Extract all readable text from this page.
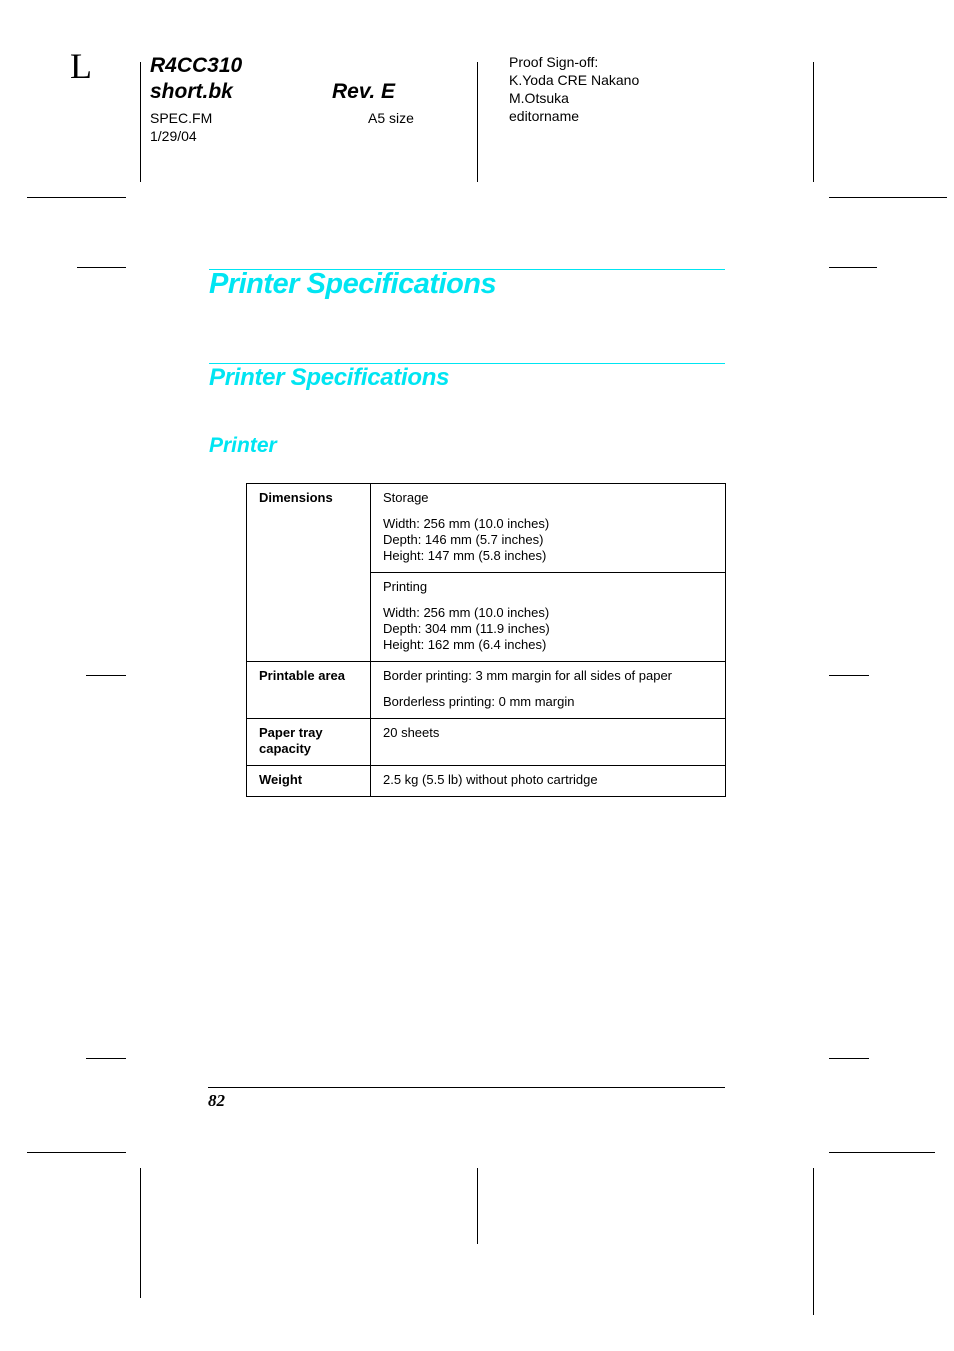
L	R4CC310
short.bk	Rev. E
SPEC.FM
1/29/04
A5 size
Proof Sign-off:
K.Yoda CRE Nakano
M.Otsuka
editorname
Printer Specifications
Printer Specifications
Printer
Dimensions	Storage

Width: 256 mm (10.0 inches)

Depth: 146 mm (5.7 inches)

Height: 147 mm (5.8 inches)

	Printing

Width: 256 mm (10.0 inches)

Depth: 304 mm (11.9 inches)

Height: 162 mm (6.4 inches)

Printable area	Border printing: 3 mm margin for all sides of paper

Borderless printing: 0 mm margin

Paper tray

capacity	20 sheets
Weight	2.5 kg (5.5 lb) without photo cartridge
82
